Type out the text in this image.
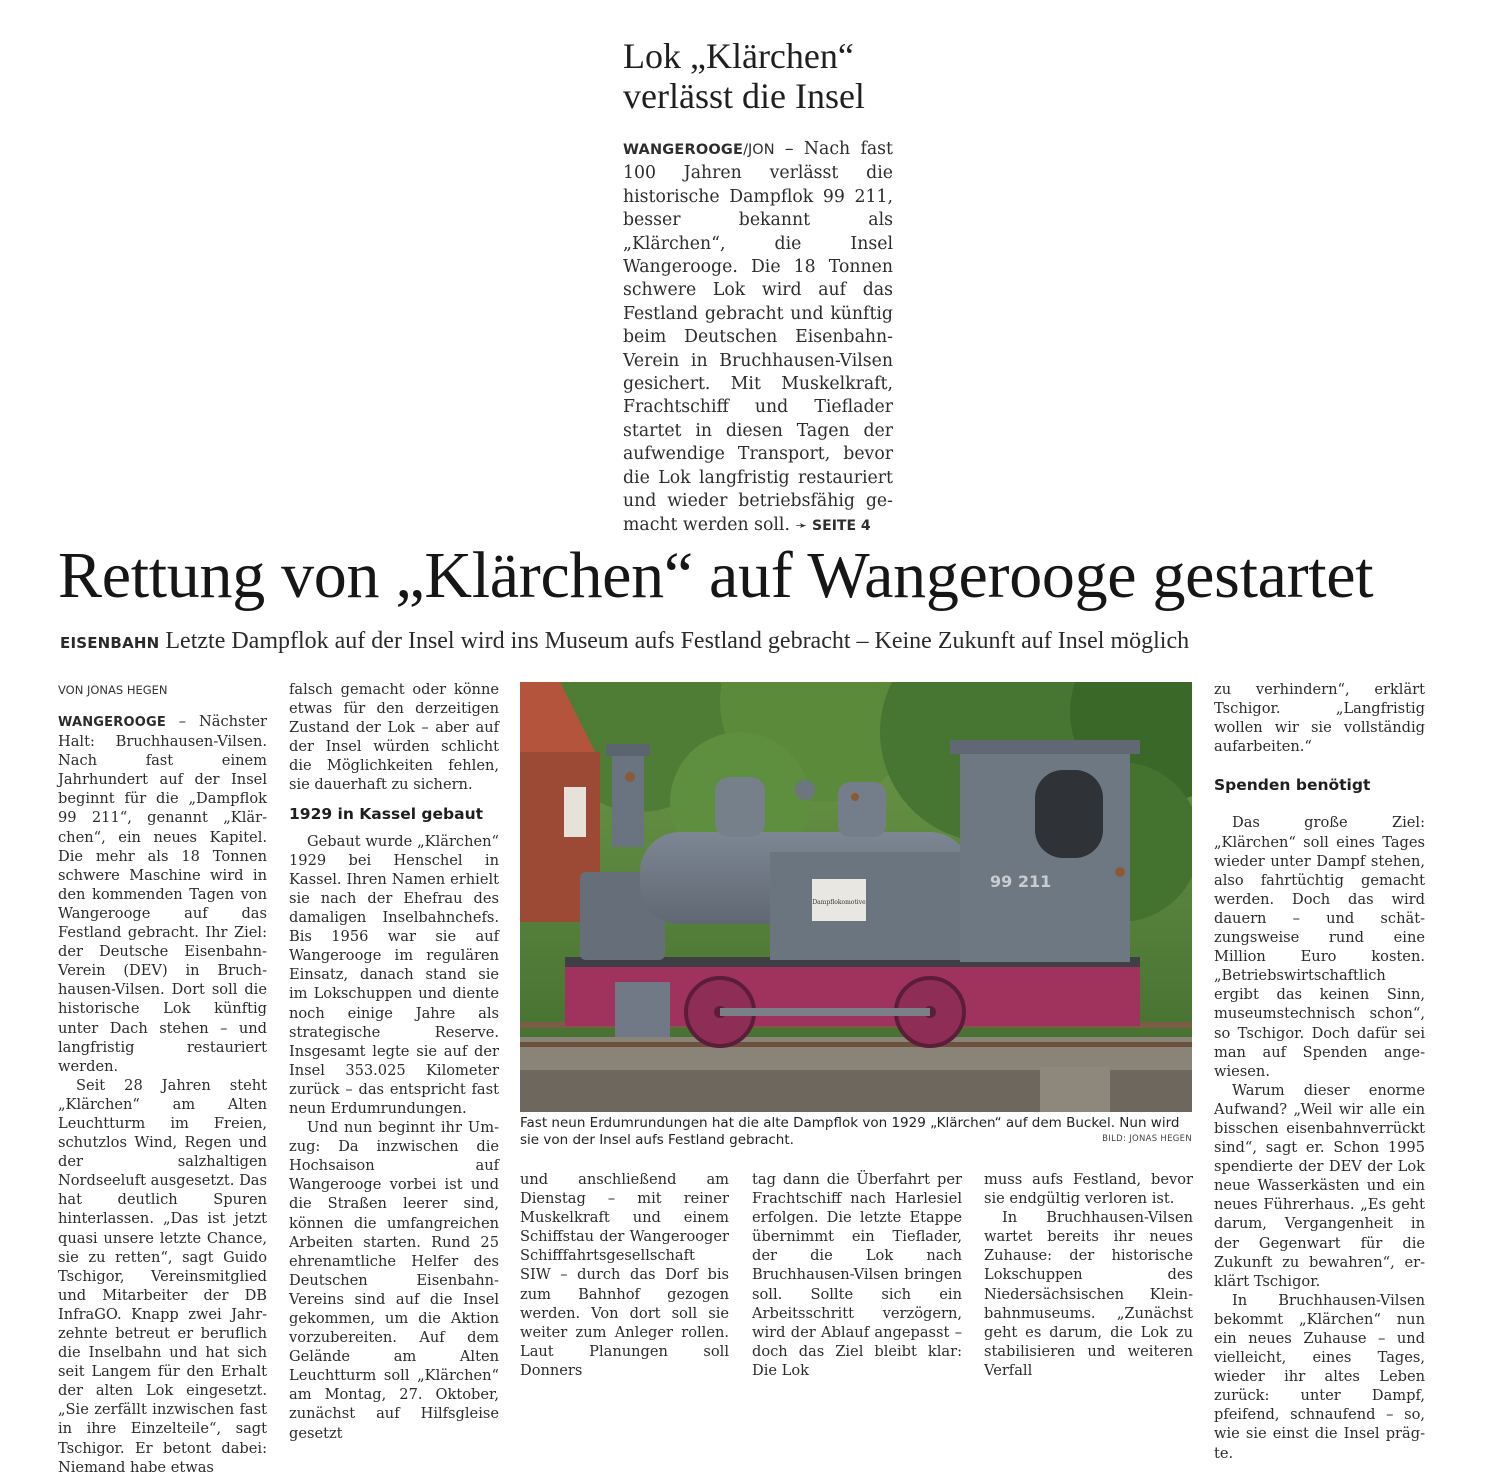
Lok „Klärchen“
verlässt die Insel
WANGEROOGE/JON – Nach fast 100 Jahren verlässt die historische Dampflok 99 211, besser bekannt als „Klärchen“, die Insel Wangerooge. Die 18 Tonnen schwere Lok wird auf das Festland gebracht und künftig beim Deutschen Eisenbahn-Verein in Bruchhausen-Vilsen gesichert. Mit Muskelkraft, Frachtschiff und Tieflader startet in diesen Tagen der aufwendige Transport, bevor die Lok langfristig restauriert und wieder betriebsfähig gemacht werden soll. ➛ SEITE 4
Rettung von „Klärchen“ auf Wangerooge gestartet
EISENBAHN Letzte Dampflok auf der Insel wird ins Museum aufs Festland gebracht – Keine Zukunft auf Insel möglich
VON JONAS HEGEN

WANGEROOGE – Nächster Halt: Bruchhausen-Vilsen. Nach fast einem Jahrhundert auf der Insel beginnt für die „Dampflok 99 211“, genannt „Klärchen“, ein neues Kapitel. Die mehr als 18 Tonnen schwere Maschine wird in den kommenden Tagen von Wangerooge auf das Festland gebracht. Ihr Ziel: der Deutsche Eisenbahn-Verein (DEV) in Bruchhausen-Vilsen. Dort soll die historische Lok künftig unter Dach stehen – und langfristig restauriert werden.

Seit 28 Jahren steht „Klärchen“ am Alten Leuchtturm im Freien, schutzlos Wind, Regen und der salzhaltigen Nordseeluft ausgesetzt. Das hat deutlich Spuren hinterlassen. „Das ist jetzt quasi unsere letzte Chance, sie zu retten“, sagt Guido Tschigor, Vereinsmitglied und Mitarbeiter der DB InfraGO. Knapp zwei Jahrzehnte betreut er beruflich die Inselbahn und hat sich seit Langem für den Erhalt der alten Lok eingesetzt. „Sie zerfällt inzwischen fast in ihre Einzelteile“, sagt Tschigor. Er betont dabei: Niemand habe etwas

falsch gemacht oder könne etwas für den derzeitigen Zustand der Lok – aber auf der Insel würden schlicht die Möglichkeiten fehlen, sie dauerhaft zu sichern.

1929 in Kassel gebaut

Gebaut wurde „Klärchen“ 1929 bei Henschel in Kassel. Ihren Namen erhielt sie nach der Ehefrau des damaligen Inselbahnchefs. Bis 1956 war sie auf Wangerooge im regulären Einsatz, danach stand sie im Lokschuppen und diente noch einige Jahre als strategische Reserve. Insgesamt legte sie auf der Insel 353.025 Kilometer zurück – das entspricht fast neun Erdumrundungen.

Und nun beginnt ihr Umzug: Da inzwischen die Hochsaison auf Wangerooge vorbei ist und die Straßen leerer sind, können die umfangreichen Arbeiten starten. Rund 25 ehrenamtliche Helfer des Deutschen Eisenbahn-Vereins sind auf die Insel gekommen, um die Aktion vorzubereiten. Auf dem Gelände am Alten Leuchtturm soll „Klärchen“ am Montag, 27. Oktober, zunächst auf Hilfsgleise gesetzt

Dampflokomotive
99 211
Fast neun Erdumrundungen hat die alte Dampflok von 1929 „Klärchen“ auf dem Buckel. Nun wird sie von der Insel aufs Festland gebracht.	BILD: JONAS HEGEN

und anschließend am Dienstag – mit reiner Muskelkraft und einem Schiffstau der Wangerooger Schifffahrtsgesellschaft SIW – durch das Dorf bis zum Bahnhof gezogen werden. Von dort soll sie weiter zum Anleger rollen. Laut Planungen soll Donners

tag dann die Überfahrt per Frachtschiff nach Harlesiel erfolgen. Die letzte Etappe übernimmt ein Tieflader, der die Lok nach Bruchhausen-Vilsen bringen soll. Sollte sich ein Arbeitsschritt verzögern, wird der Ablauf angepasst – doch das Ziel bleibt klar: Die Lok

muss aufs Festland, bevor sie endgültig verloren ist.

In Bruchhausen-Vilsen wartet bereits ihr neues Zuhause: der historische Lokschuppen des Niedersächsischen Kleinbahnmuseums. „Zunächst geht es darum, die Lok zu stabilisieren und weiteren Verfall

zu verhindern“, erklärt Tschigor. „Langfristig wollen wir sie vollständig aufarbeiten.“

Spenden benötigt

Das große Ziel: „Klärchen“ soll eines Tages wieder unter Dampf stehen, also fahrtüchtig gemacht werden. Doch das wird dauern – und schätzungsweise rund eine Million Euro kosten. „Betriebswirtschaftlich ergibt das keinen Sinn, museumstechnisch schon“, so Tschigor. Doch dafür sei man auf Spenden angewiesen.

Warum dieser enorme Aufwand? „Weil wir alle ein bisschen eisenbahnverrückt sind“, sagt er. Schon 1995 spendierte der DEV der Lok neue Wasserkästen und ein neues Führerhaus. „Es geht darum, Vergangenheit in der Gegenwart für die Zukunft zu bewahren“, erklärt Tschigor.

In Bruchhausen-Vilsen bekommt „Klärchen“ nun ein neues Zuhause – und vielleicht, eines Tages, wieder ihr altes Leben zurück: unter Dampf, pfeifend, schnaufend – so, wie sie einst die Insel prägte.
